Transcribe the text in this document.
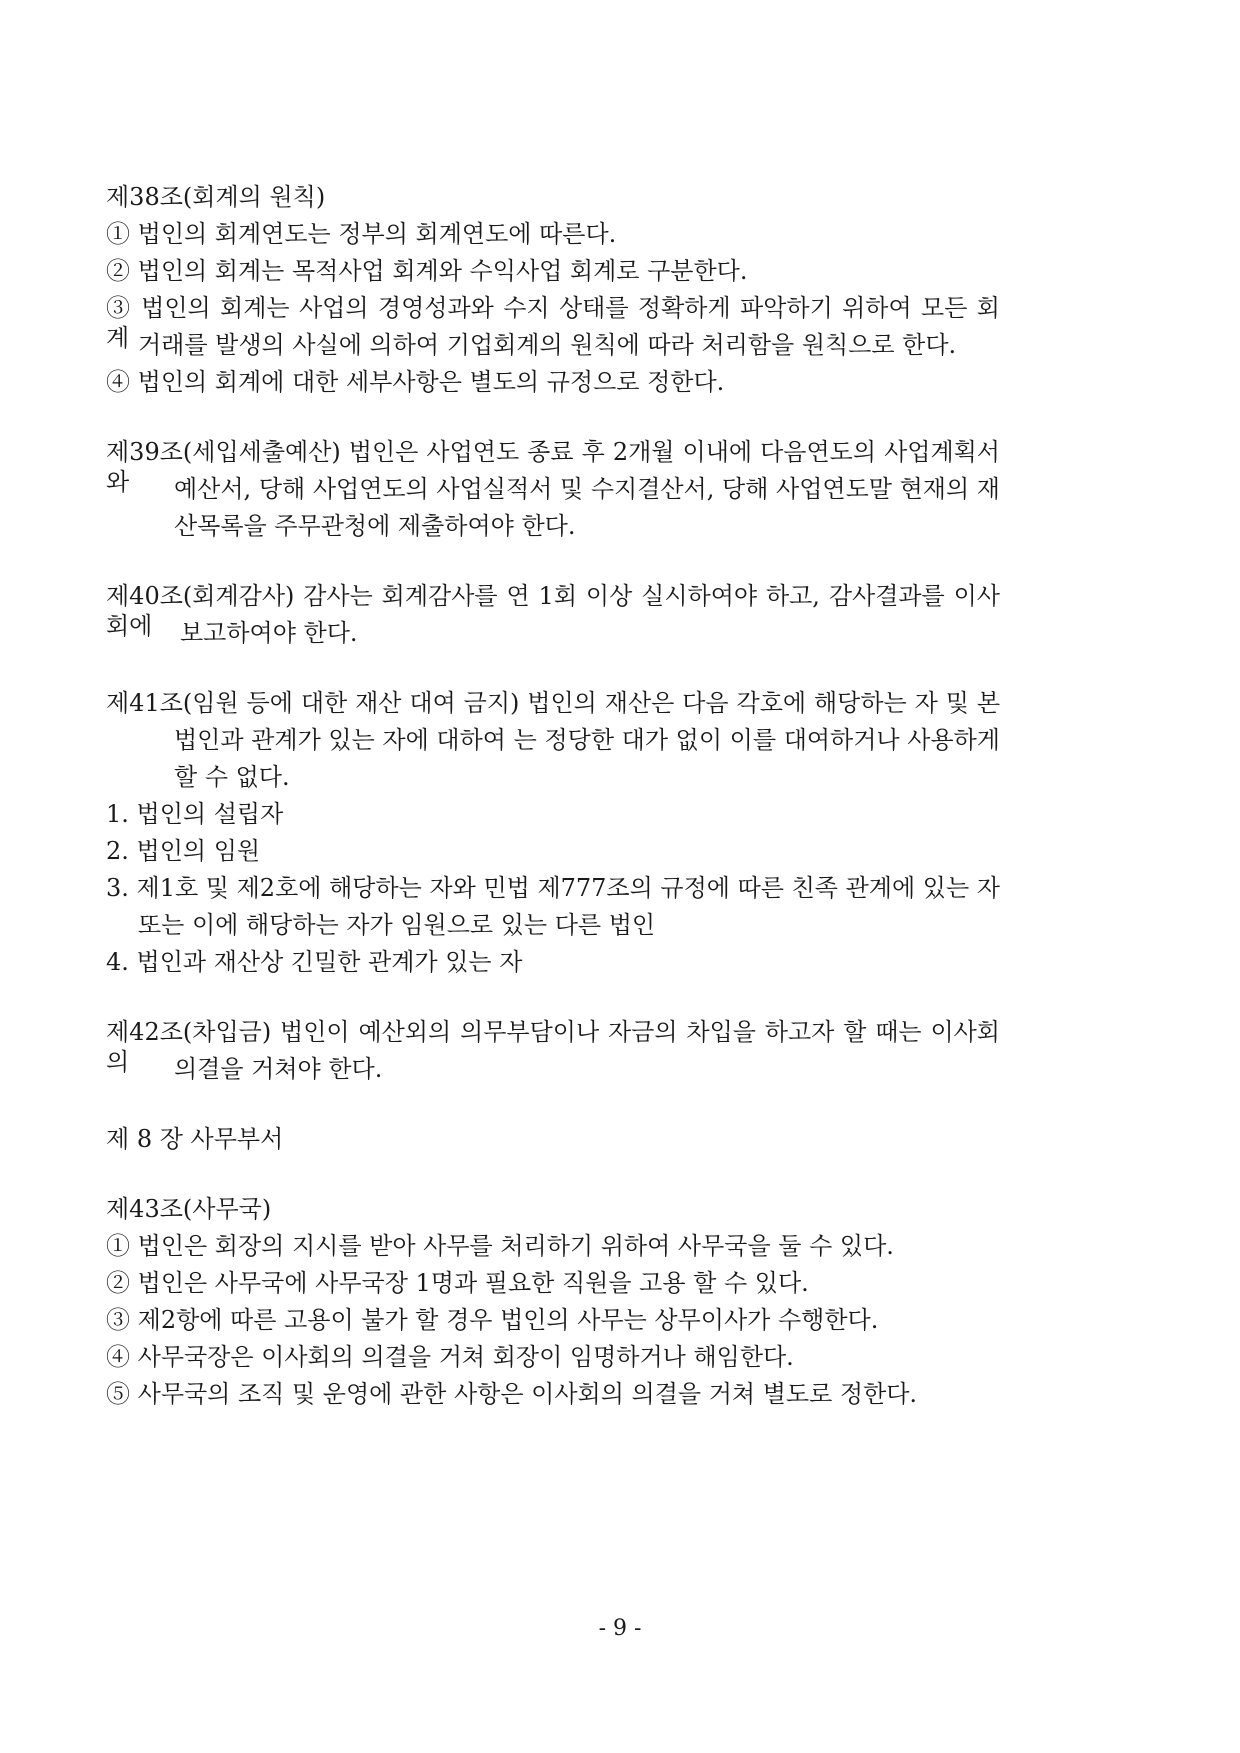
제38조(회계의 원칙)
① 법인의 회계연도는 정부의 회계연도에 따른다.
② 법인의 회계는 목적사업 회계와 수익사업 회계로 구분한다.
③ 법인의 회계는 사업의 경영성과와 수지 상태를 정확하게 파악하기 위하여 모든 회계 거래를 발생의 사실에 의하여 기업회계의 원칙에 따라 처리함을 원칙으로 한다.
④ 법인의 회계에 대한 세부사항은 별도의 규정으로 정한다.
제39조(세입세출예산) 법인은 사업연도 종료 후 2개월 이내에 다음연도의 사업계획서와	예산서, 당해 사업연도의 사업실적서 및 수지결산서, 당해 사업연도말 현재의 재
산목록을 주무관청에 제출하여야 한다.
제40조(회계감사) 감사는 회계감사를 연 1회 이상 실시하여야 하고, 감사결과를 이사회에	보고하여야 한다.
제41조(임원 등에 대한 재산 대여 금지) 법인의 재산은 다음 각호에 해당하는 자 및 본
법인과 관계가 있는 자에 대하여 는 정당한 대가 없이 이를 대여하거나 사용하게
할 수 없다.
1. 법인의 설립자
2. 법인의 임원
3. 제1호 및 제2호에 해당하는 자와 민법 제777조의 규정에 따른 친족 관계에 있는 자
또는 이에 해당하는 자가 임원으로 있는 다른 법인
4. 법인과 재산상 긴밀한 관계가 있는 자
제42조(차입금) 법인이 예산외의 의무부담이나 자금의 차입을 하고자 할 때는 이사회의	의결을 거쳐야 한다.
제 8 장 사무부서
제43조(사무국)
① 법인은 회장의 지시를 받아 사무를 처리하기 위하여 사무국을 둘 수 있다.
② 법인은 사무국에 사무국장 1명과 필요한 직원을 고용 할 수 있다.
③ 제2항에 따른 고용이 불가 할 경우 법인의 사무는 상무이사가 수행한다.
④ 사무국장은 이사회의 의결을 거쳐 회장이 임명하거나 해임한다.
⑤ 사무국의 조직 및 운영에 관한 사항은 이사회의 의결을 거쳐 별도로 정한다.
- 9 -
